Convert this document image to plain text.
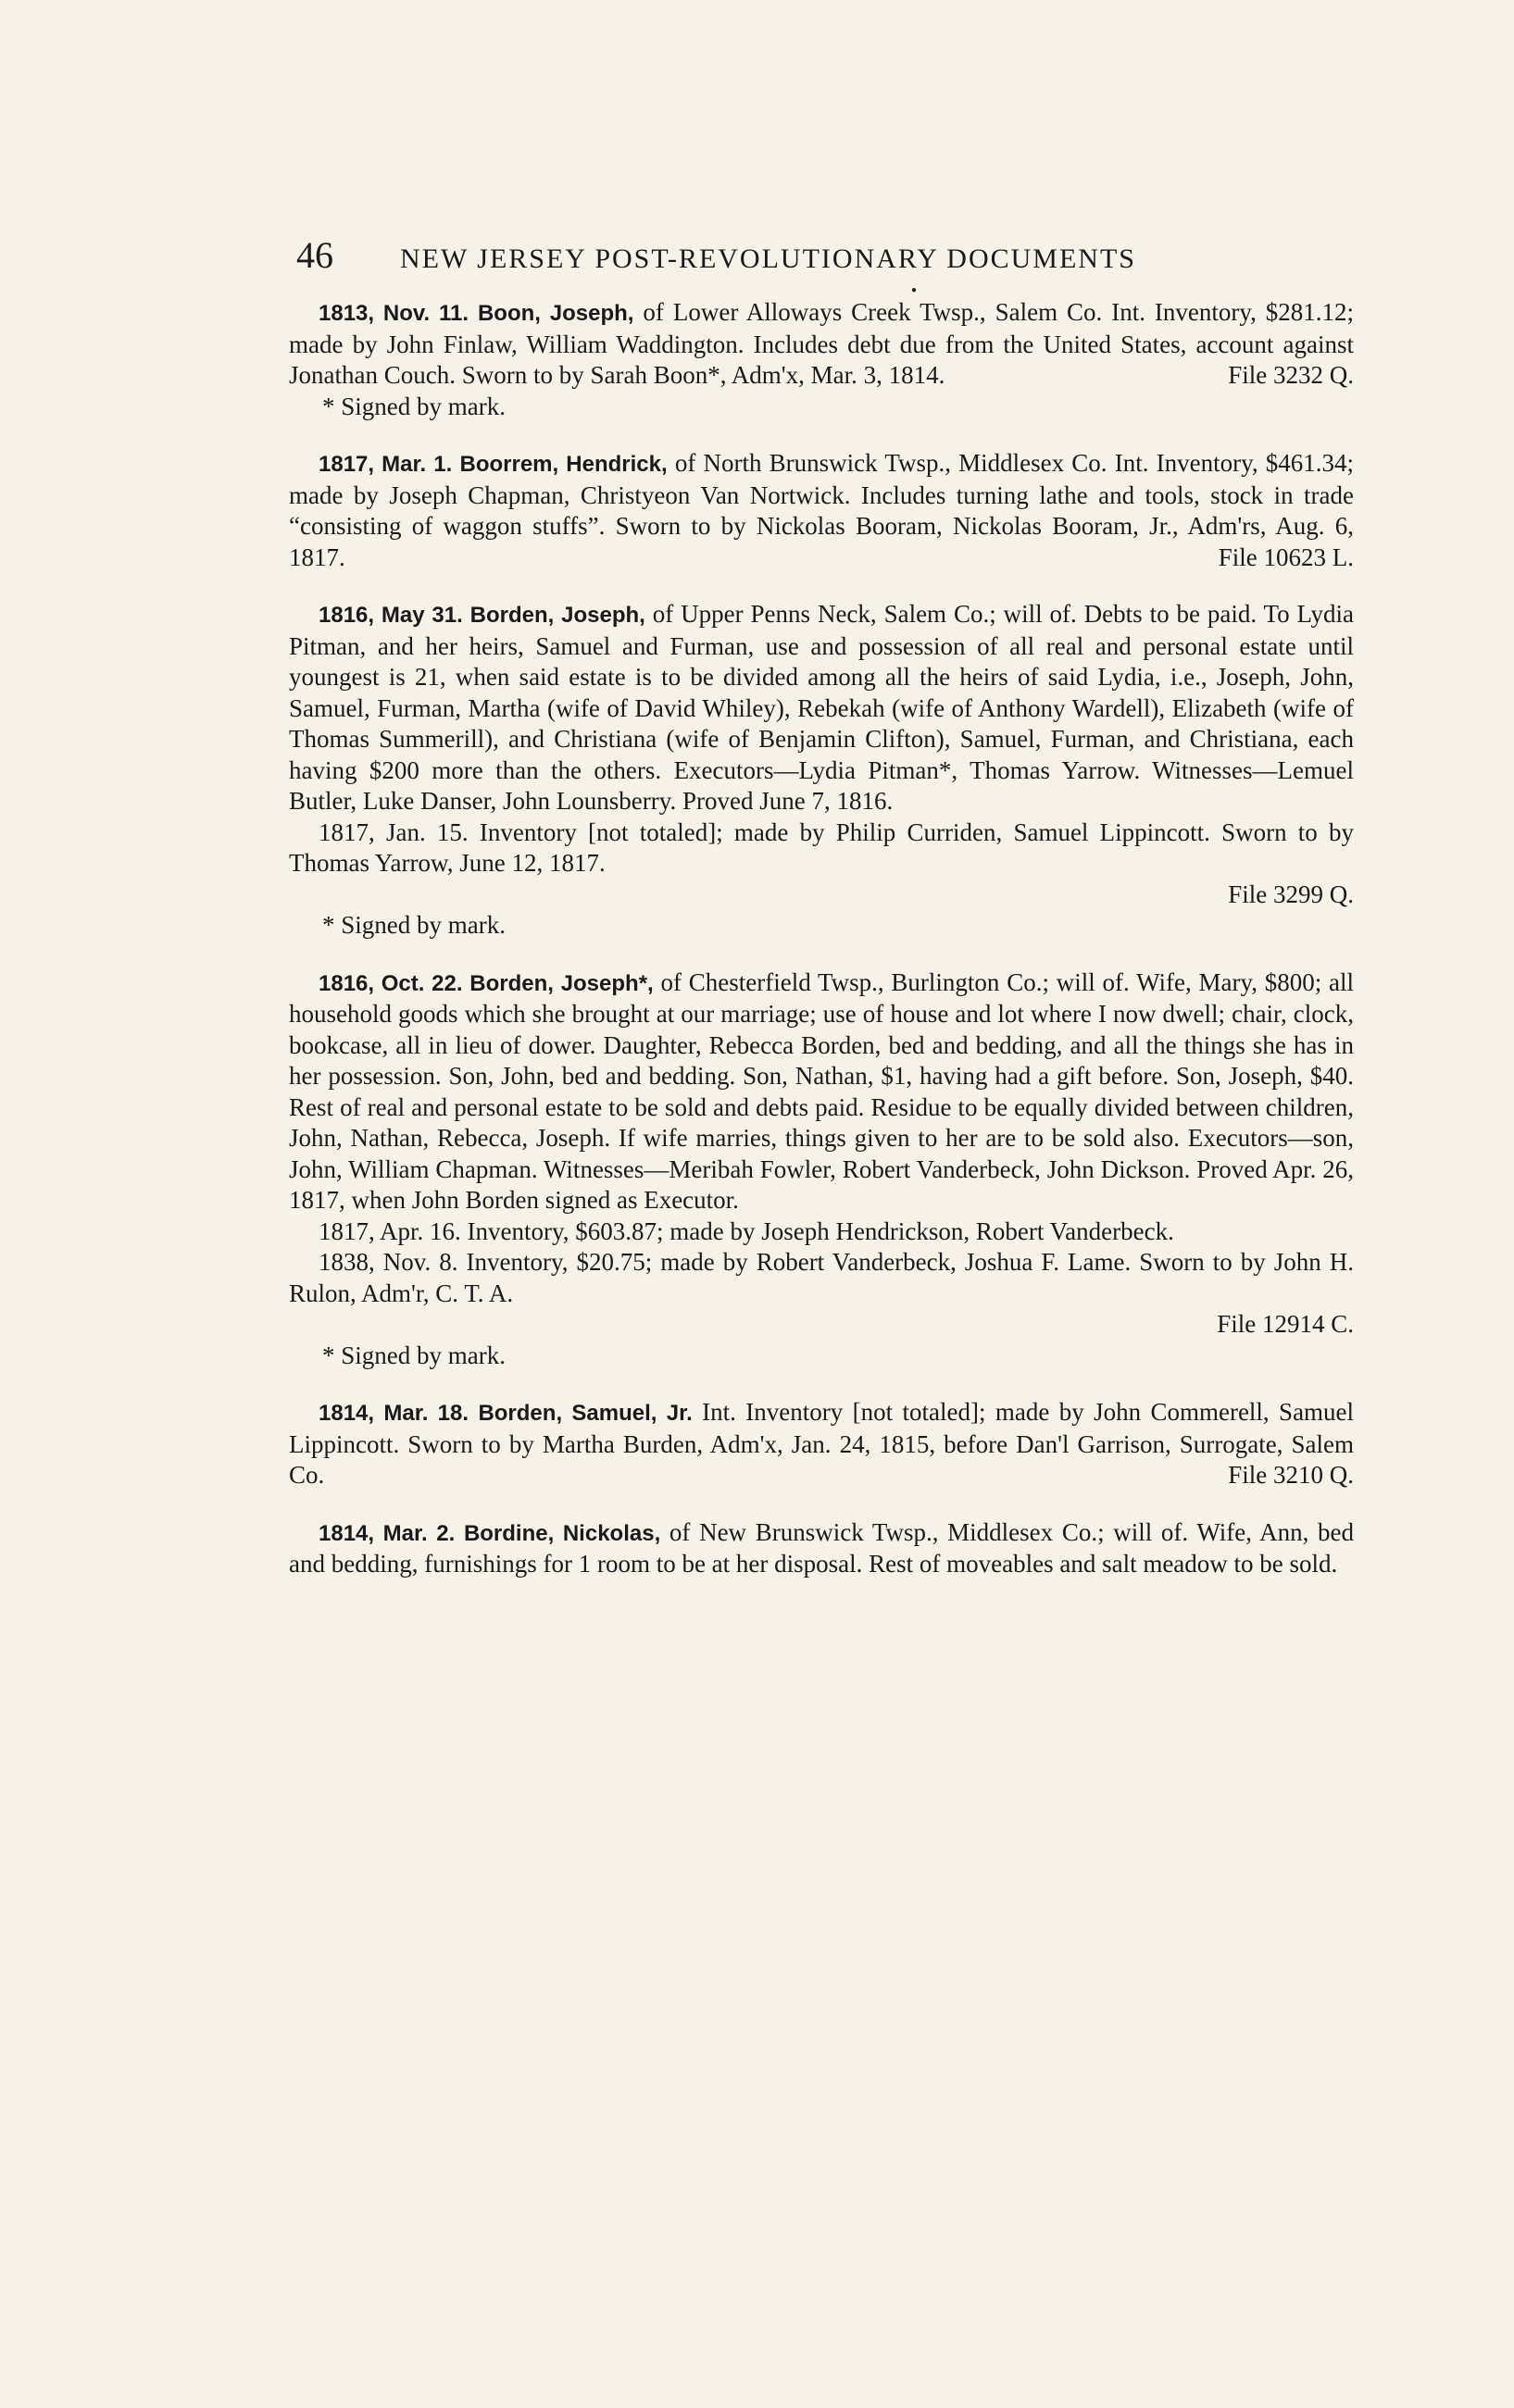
46 NEW JERSEY POST-REVOLUTIONARY DOCUMENTS
●

1813, Nov. 11. Boon, Joseph, of Lower Alloways Creek Twsp., Salem Co. Int. Inventory, $281.12; made by John Finlaw, William Waddington. Includes debt due from the United States, account against Jonathan Couch. Sworn to by Sarah Boon*, Adm'x, Mar. 3, 1814.	File 3232 Q.

* Signed by mark.

1817, Mar. 1. Boorrem, Hendrick, of North Brunswick Twsp., Middlesex Co. Int. Inventory, $461.34; made by Joseph Chapman, Christyeon Van Nortwick. Includes turning lathe and tools, stock in trade “consisting of waggon stuffs”. Sworn to by Nickolas Booram, Nickolas Booram, Jr., Adm'rs, Aug. 6, 1817.	File 10623 L.

1816, May 31. Borden, Joseph, of Upper Penns Neck, Salem Co.; will of. Debts to be paid. To Lydia Pitman, and her heirs, Samuel and Furman, use and possession of all real and personal estate until youngest is 21, when said estate is to be divided among all the heirs of said Lydia, i.e., Joseph, John, Samuel, Furman, Martha (wife of David Whiley), Rebekah (wife of Anthony Wardell), Elizabeth (wife of Thomas Summerill), and Christiana (wife of Benjamin Clifton), Samuel, Furman, and Christiana, each having $200 more than the others. Executors—Lydia Pitman*, Thomas Yarrow. Witnesses—Lemuel Butler, Luke Danser, John Lounsberry. Proved June 7, 1816.

1817, Jan. 15. Inventory [not totaled]; made by Philip Curriden, Samuel Lippincott. Sworn to by Thomas Yarrow, June 12, 1817.

File 3299 Q.

* Signed by mark.

1816, Oct. 22. Borden, Joseph*, of Chesterfield Twsp., Burlington Co.; will of. Wife, Mary, $800; all household goods which she brought at our marriage; use of house and lot where I now dwell; chair, clock, bookcase, all in lieu of dower. Daughter, Rebecca Borden, bed and bedding, and all the things she has in her possession. Son, John, bed and bedding. Son, Nathan, $1, having had a gift before. Son, Joseph, $40. Rest of real and personal estate to be sold and debts paid. Residue to be equally divided between children, John, Nathan, Rebecca, Joseph. If wife marries, things given to her are to be sold also. Executors—son, John, William Chapman. Witnesses—Meribah Fowler, Robert Vanderbeck, John Dickson. Proved Apr. 26, 1817, when John Borden signed as Executor.

1817, Apr. 16. Inventory, $603.87; made by Joseph Hendrickson, Robert Vanderbeck.

1838, Nov. 8. Inventory, $20.75; made by Robert Vanderbeck, Joshua F. Lame. Sworn to by John H. Rulon, Adm'r, C. T. A.

File 12914 C.

* Signed by mark.

1814, Mar. 18. Borden, Samuel, Jr. Int. Inventory [not totaled]; made by John Commerell, Samuel Lippincott. Sworn to by Martha Burden, Adm'x, Jan. 24, 1815, before Dan'l Garrison, Surrogate, Salem Co.	File 3210 Q.

1814, Mar. 2. Bordine, Nickolas, of New Brunswick Twsp., Middlesex Co.; will of. Wife, Ann, bed and bedding, furnishings for 1 room to be at her disposal. Rest of moveables and salt meadow to be sold.
